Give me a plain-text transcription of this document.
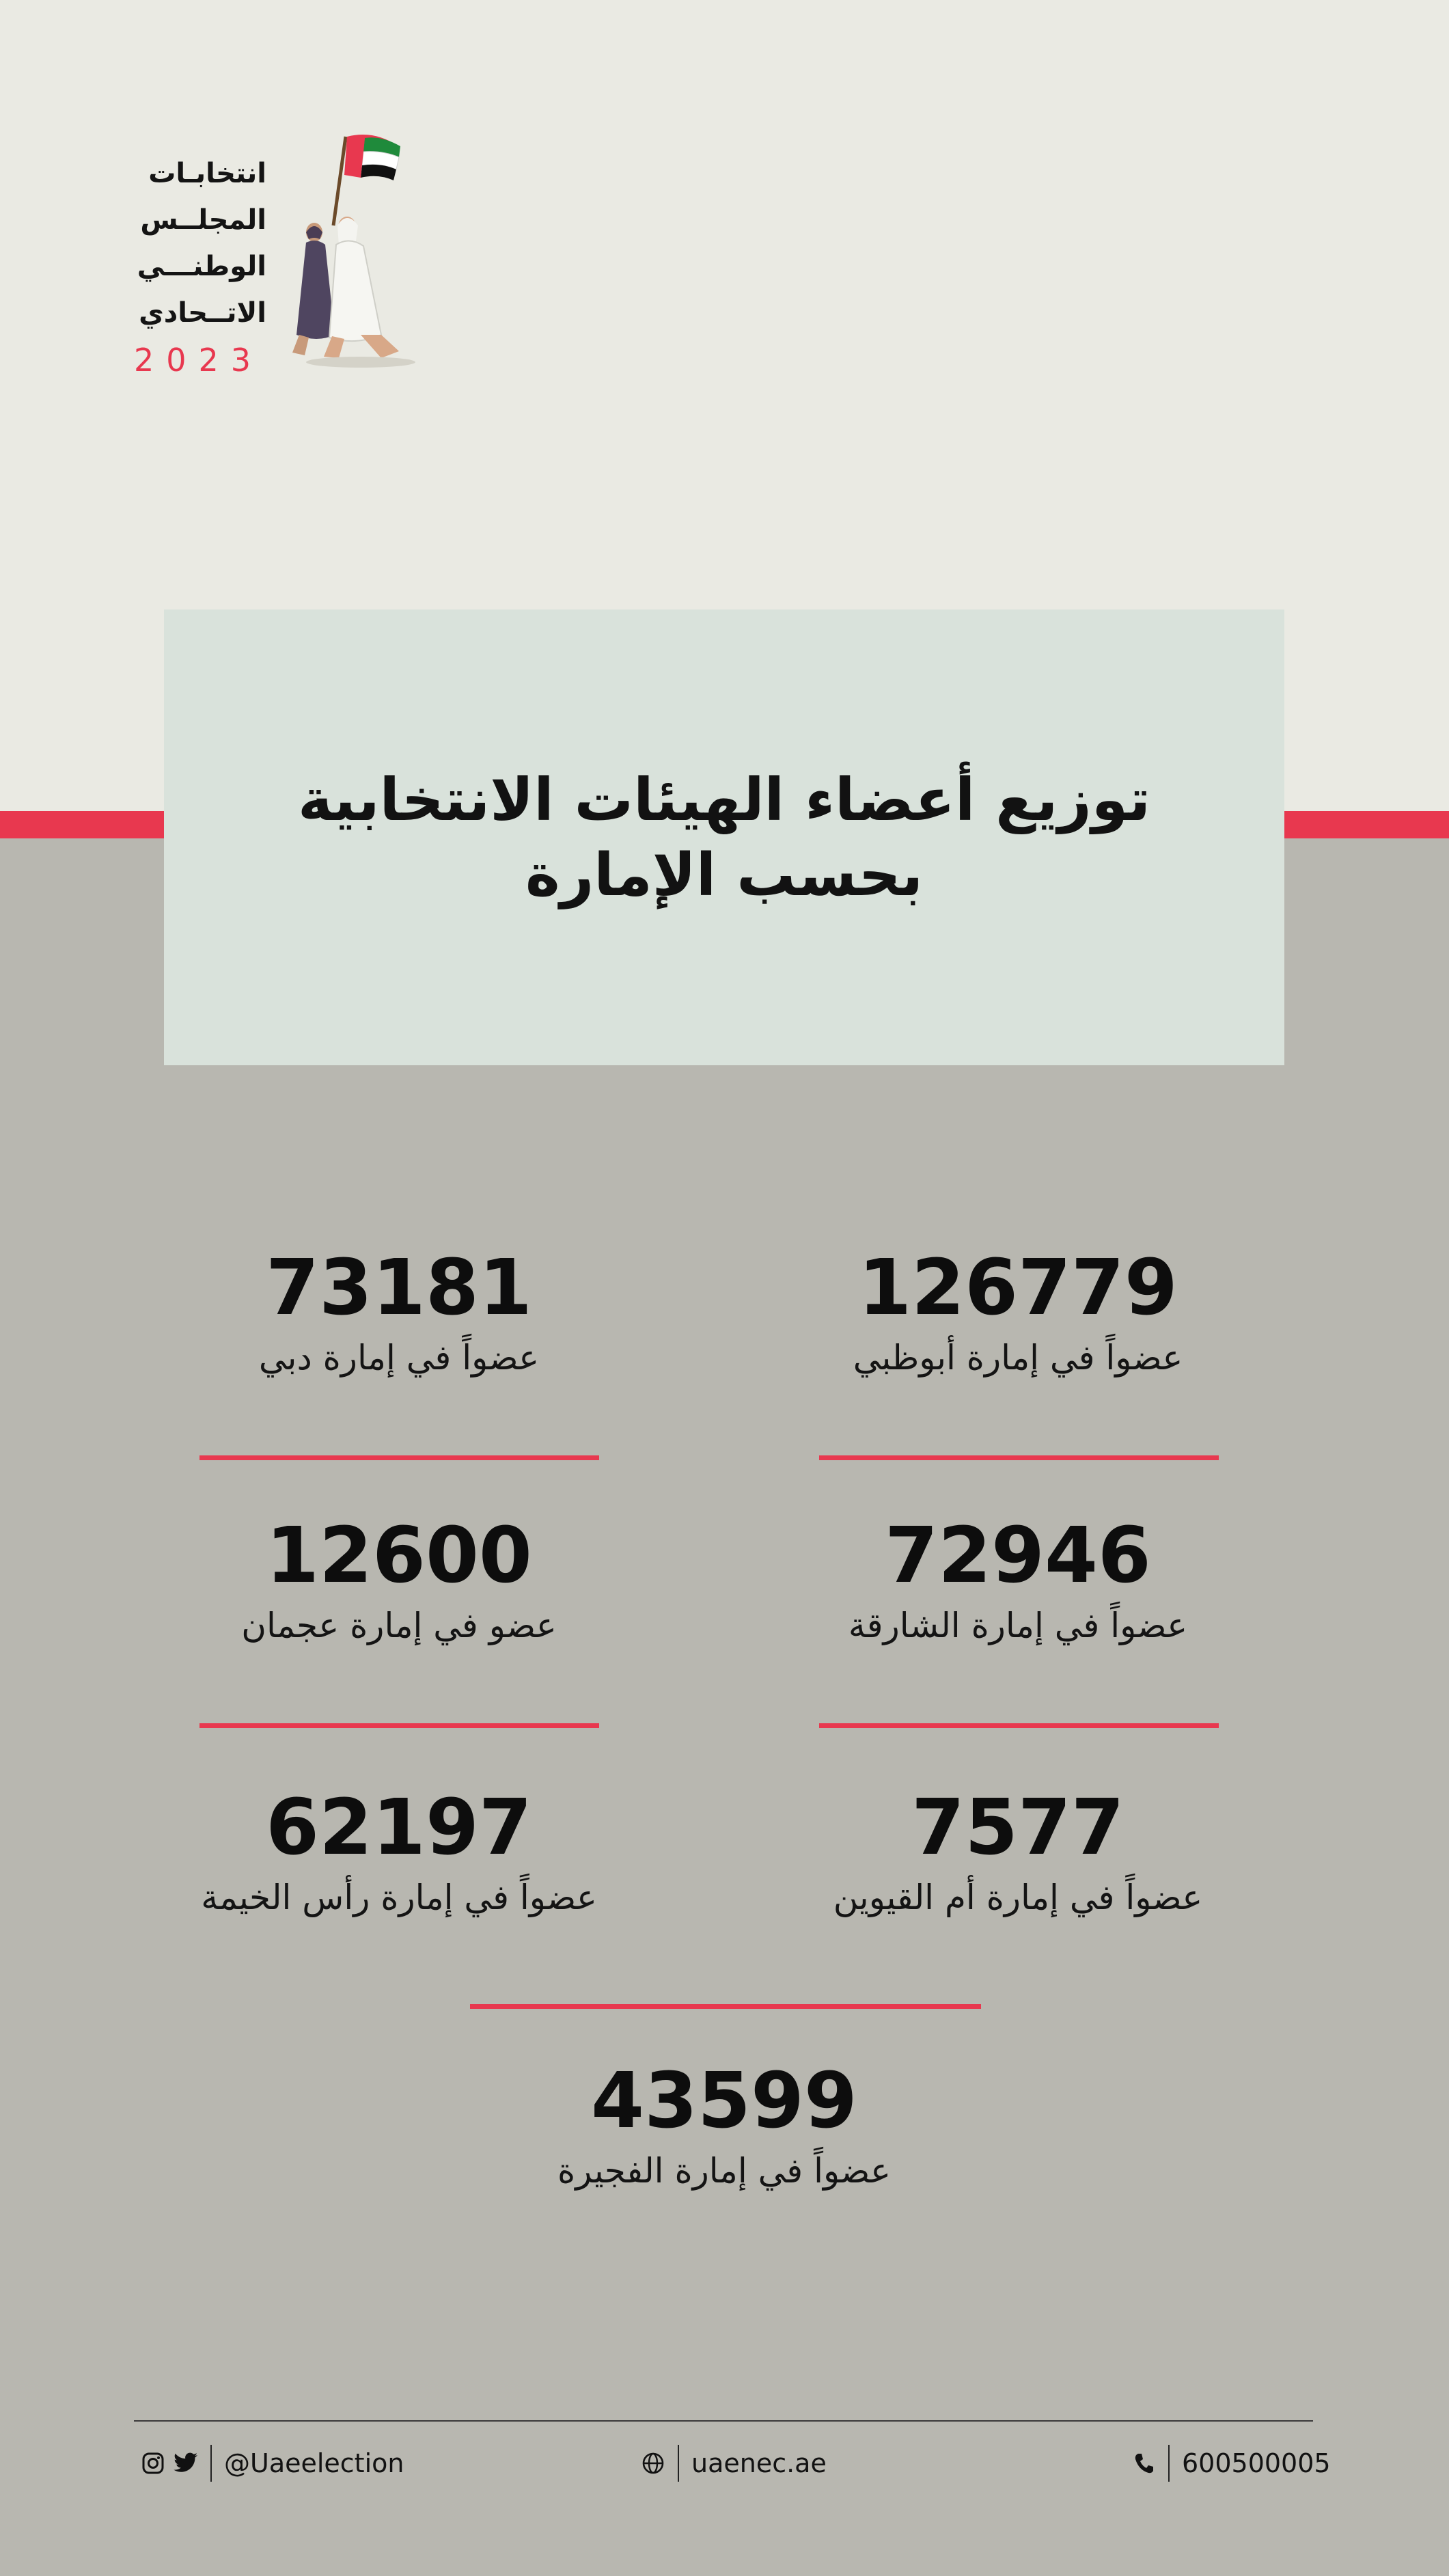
انتخابـات
المجلــس
الوطنـــي
الاتــحادي
2023
توزيع أعضاء الهيئات الانتخابية
بحسب الإمارة
126779
عضواً في إمارة أبوظبي
73181
عضواً في إمارة دبي
72946
عضواً في إمارة الشارقة
12600
عضو في إمارة عجمان
7577
عضواً في إمارة أم القيوين
62197
عضواً في إمارة رأس الخيمة
43599
عضواً في إمارة الفجيرة
@Uaeelection	uaenec.ae	600500005
